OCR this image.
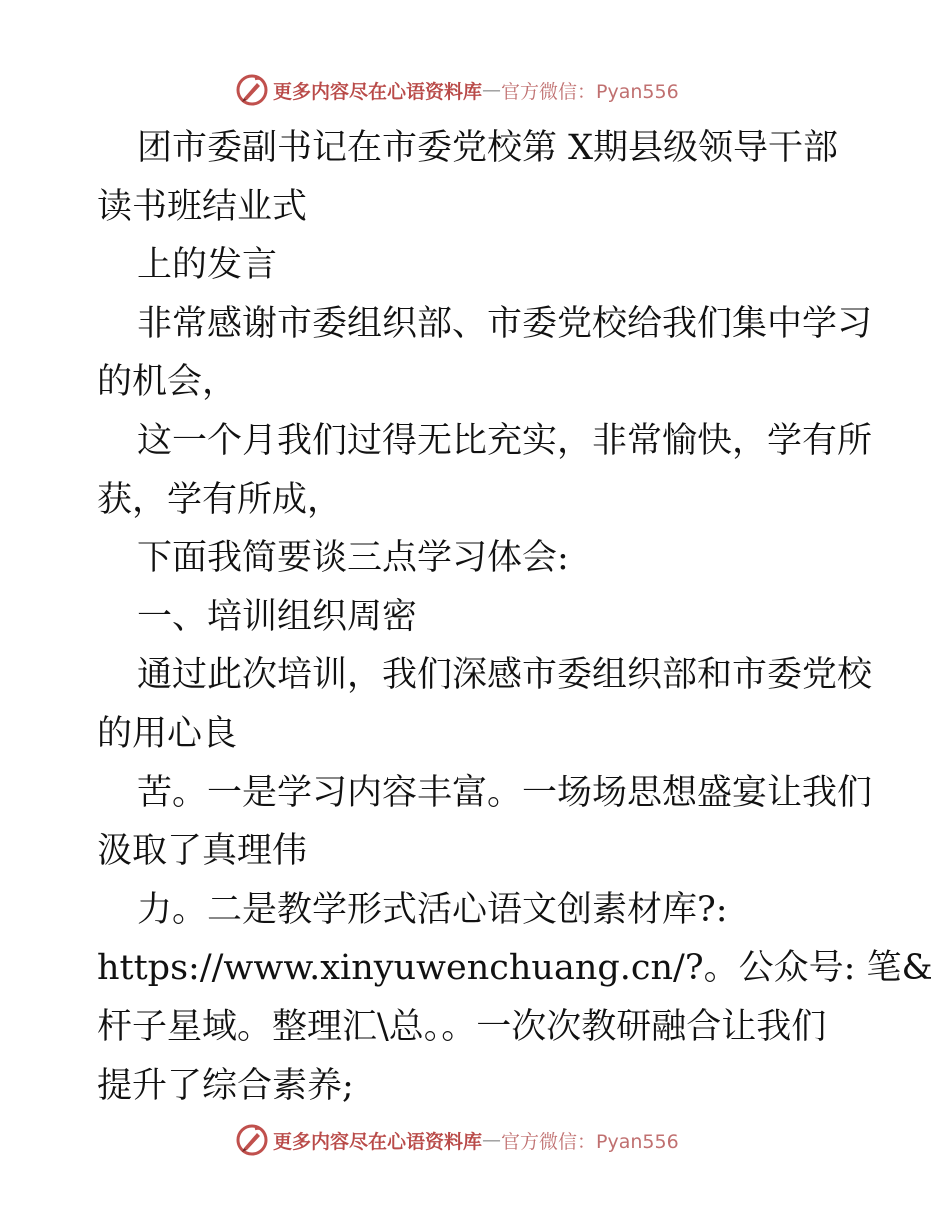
更多内容尽在心语资料库 — 官方微信：Pyan556
团市委副书记在市委党校第 X期县级领导干部
读书班结业式
上的发言
非常感谢市委组织部、市委党校给我们集中学习
的机会，
这一个月我们过得无比充实，非常愉快，学有所
获，学有所成，
下面我简要谈三点学习体会:
一、培训组织周密
通过此次培训，我们深感市委组织部和市委党校
的用心良
苦。一是学习内容丰富。一场场思想盛宴让我们
汲取了真理伟
力。二是教学形式活心语文创素材库?:
https://www.xinyuwenchuang.cn/?。公众号: 笔&
杆子星域。整理汇\总。。一次次教研融合让我们
提升了综合素养;
更多内容尽在心语资料库 — 官方微信：Pyan556
